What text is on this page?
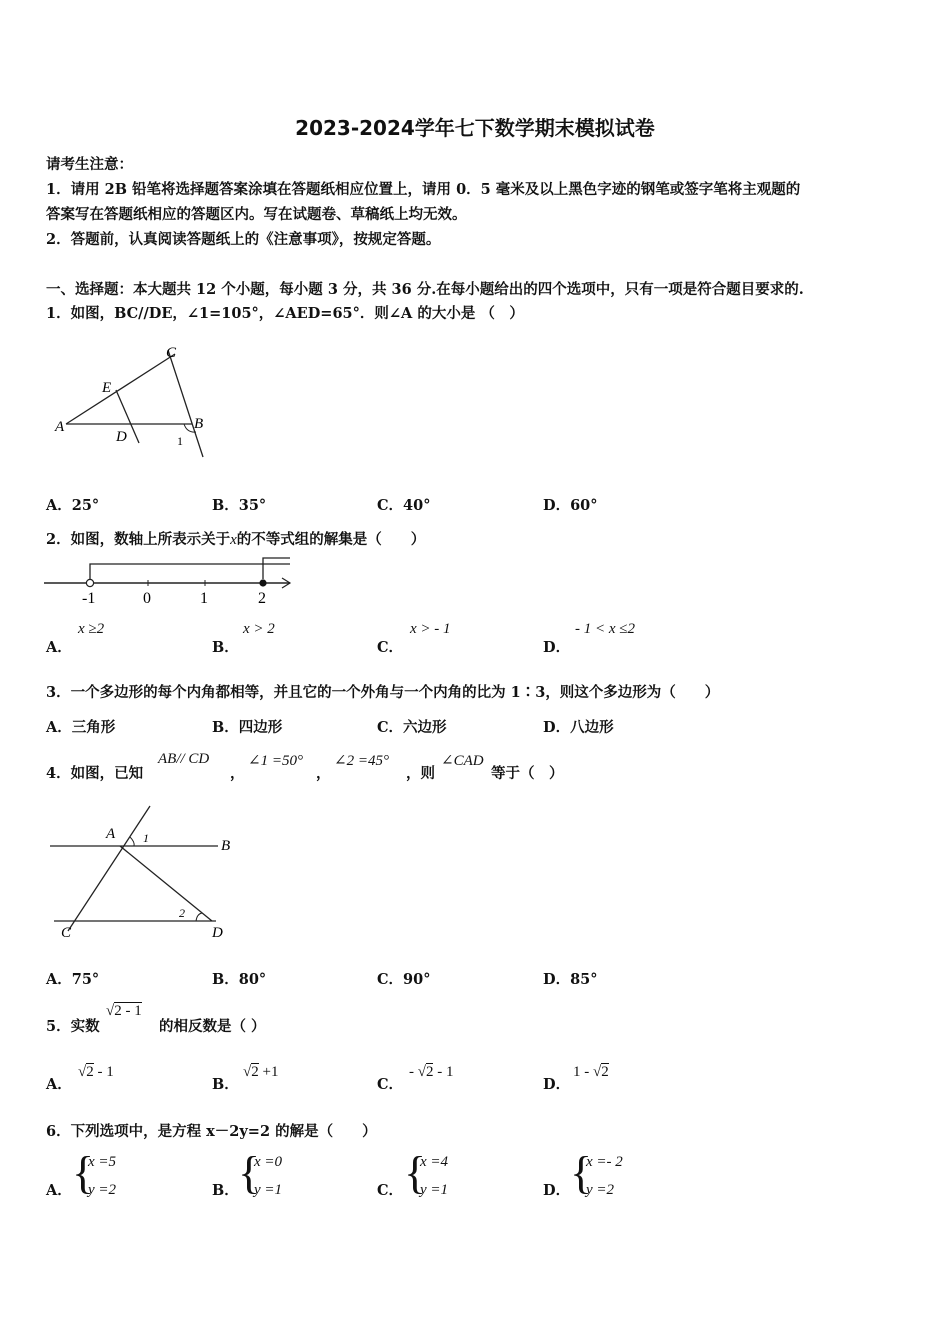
2023-2024学年七下数学期末模拟试卷
请考生注意：
1．请用 2B 铅笔将选择题答案涂填在答题纸相应位置上，请用 0．5 毫米及以上黑色字迹的钢笔或签字笔将主观题的
答案写在答题纸相应的答题区内。写在试题卷、草稿纸上均无效。
2．答题前，认真阅读答题纸上的《注意事项》，按规定答题。
一、选择题：本大题共 12 个小题，每小题 3 分，共 36 分.在每小题给出的四个选项中，只有一项是符合题目要求的.
1．如图，BC//DE，∠1=105°，∠AED=65°．则∠A 的大小是 （　）
C
E
A
D
B
1
A．25°	B．35°	C．40°	D．60°
2．如图，数轴上所表示关于x的不等式组的解集是（　　）
-1	0	1	2
A．
x ≥2
B．
x > 2
C．
x > - 1
D．
- 1 < x ≤2
3．一个多边形的每个内角都相等，并且它的一个外角与一个内角的比为 1∶3，则这个多边形为（　　）
A．三角形	B．四边形	C．六边形	D．八边形
4．如图，已知
AB// CD
，
∠1 =50°
，
∠2 =45°
，则
∠CAD
等于（　）
A
B
C	D
1
2
A．75°	B．80°	C．90°	D．85°
5．实数
√2 - 1
的相反数是（ ）
A．
√2 - 1
B．
√2 +1
C．
- √2 - 1
D．
1 - √2
6．下列选项中，是方程 x－2y=2 的解是（　　）
A． {
x =5
y =2	B． {
x =0
y =1	C． {
x =4
y =1	D． {
x =- 2
y =2
